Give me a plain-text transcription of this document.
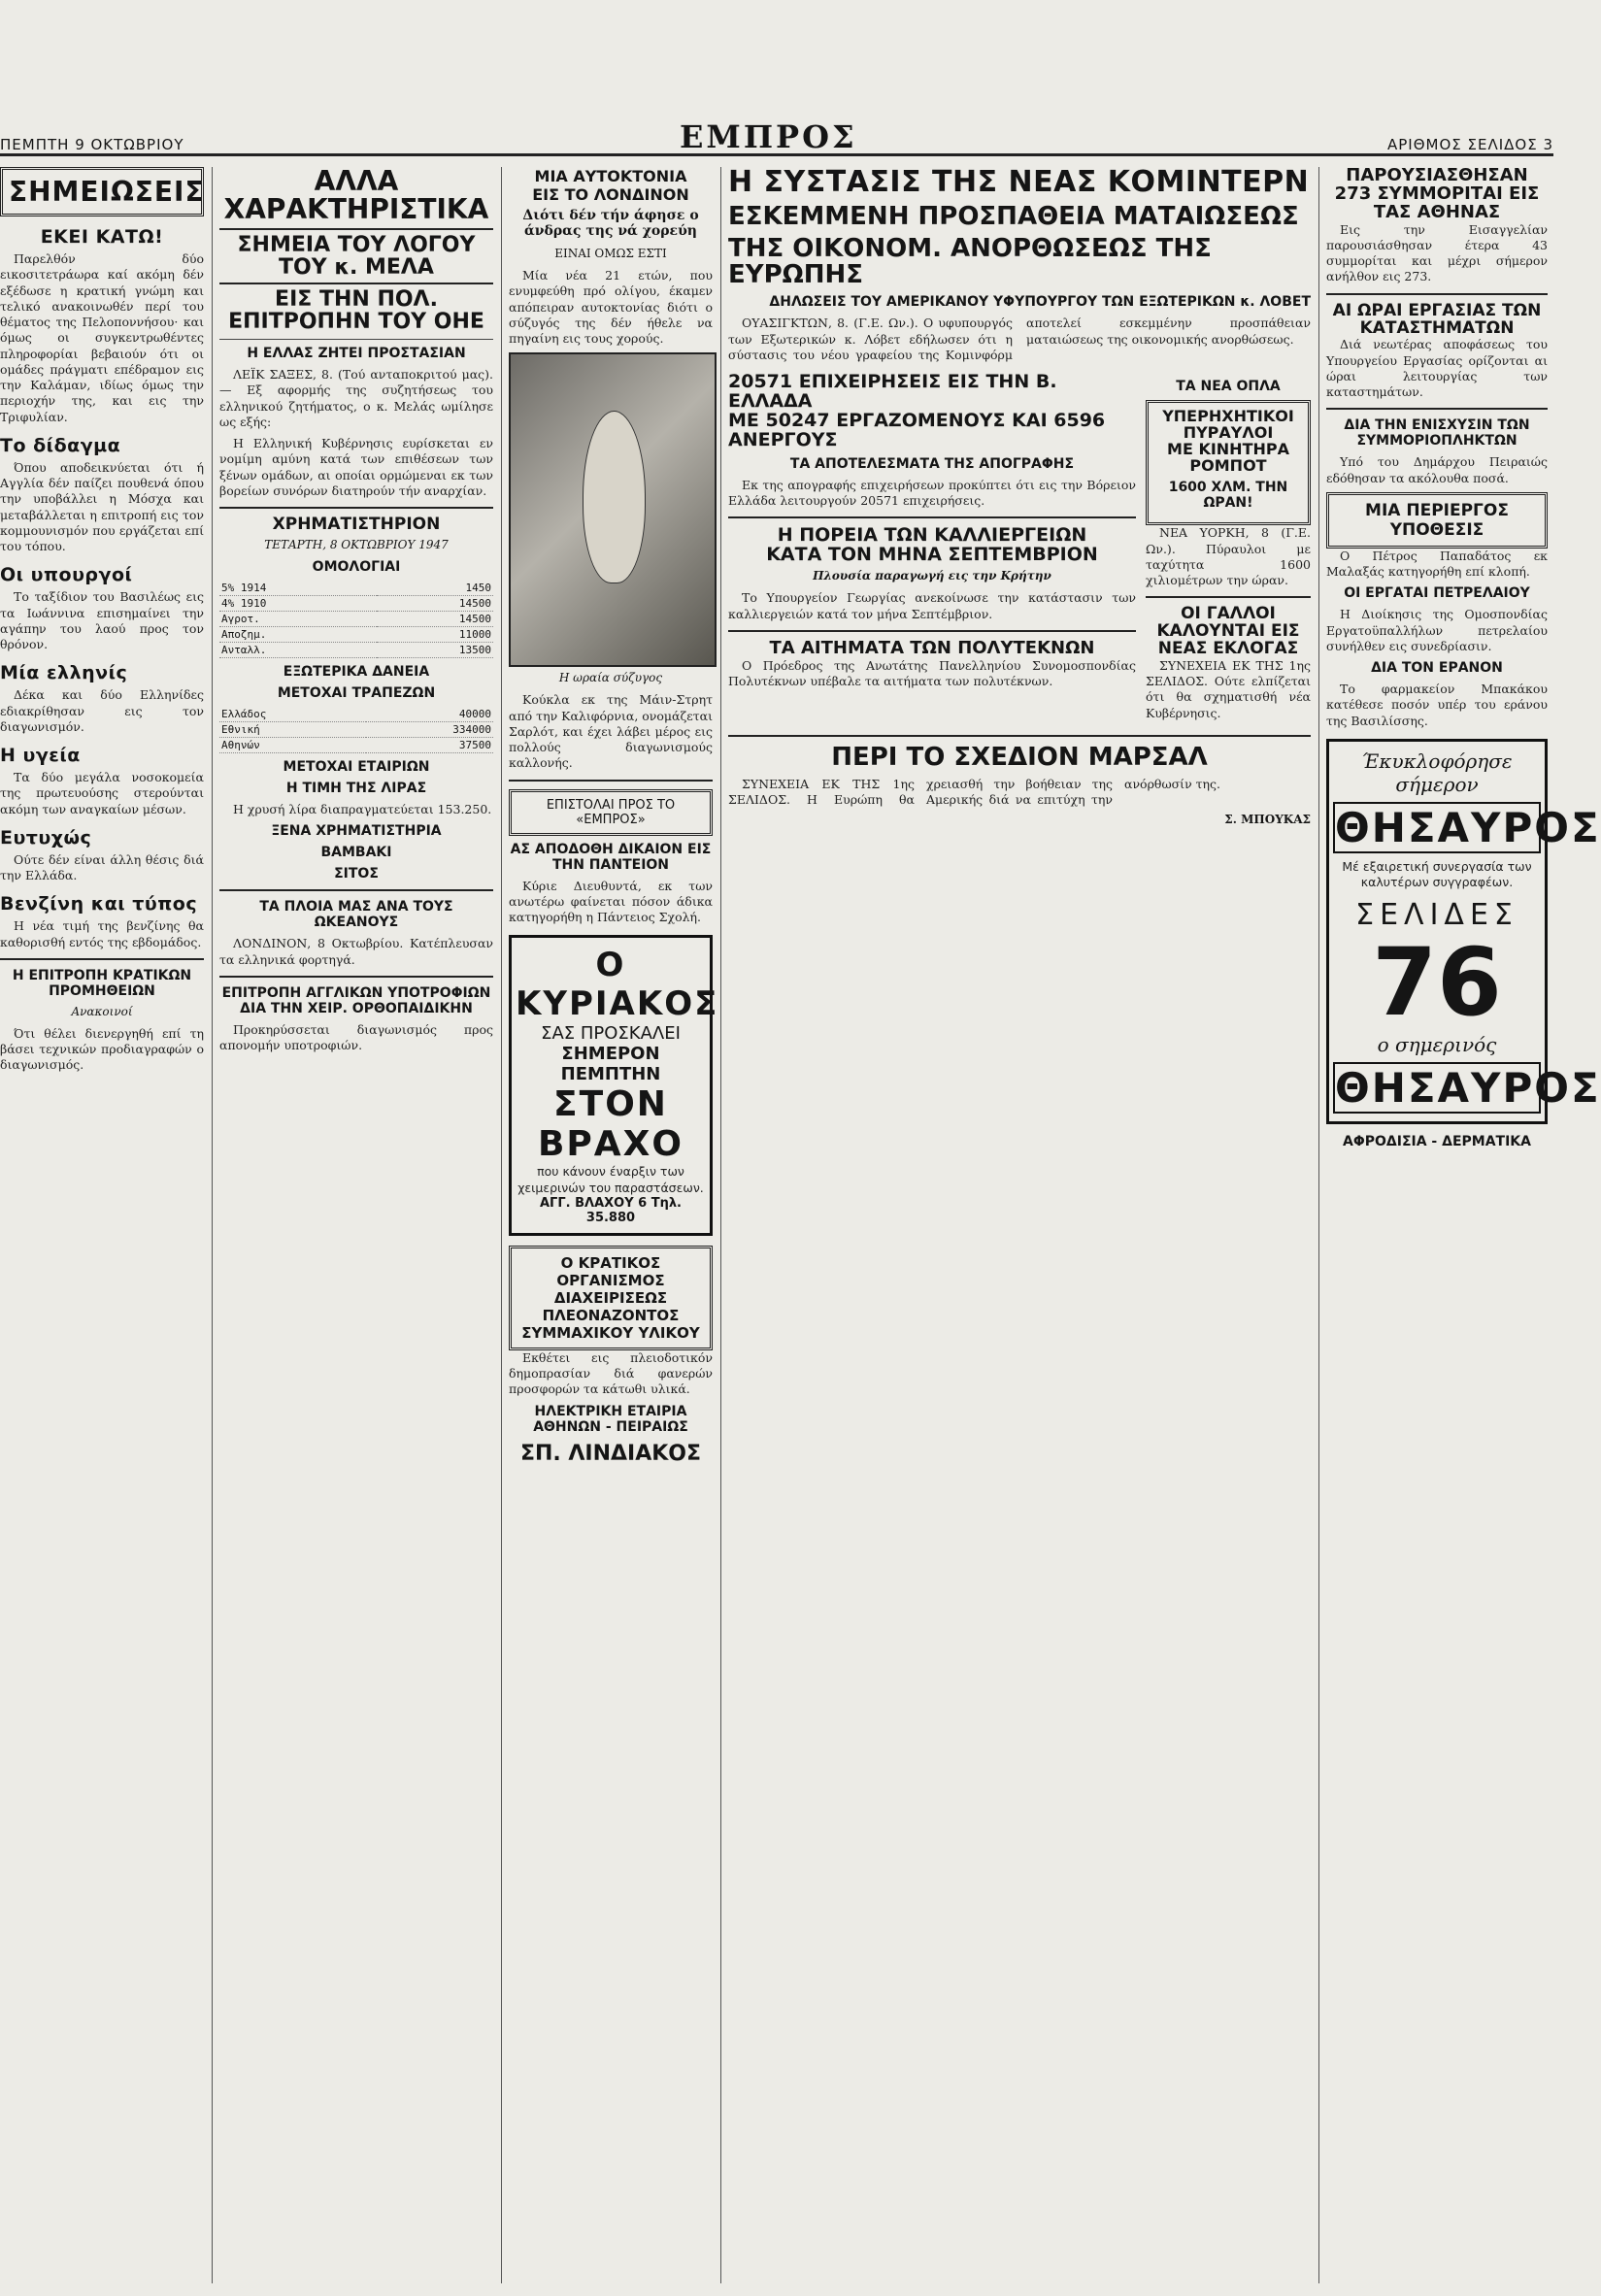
ΠΕΜΠΤΗ 9 ΟΚΤΩΒΡΙΟΥ	ΕΜΠΡΟΣ	ΑΡΙΘΜΟΣ ΣΕΛΙΔΟΣ 3
ΣΗΜΕΙΩΣΕΙΣ
ΕΚΕΙ ΚΑΤΩ!

Παρελθόν δύο εικοσιτετράωρα καί ακόμη δέν εξέδωσε η κρατική γνώμη και τελικό ανακοινωθέν περί του θέματος της Πελοποννήσου· και όμως οι συγκεντρωθέντες πληροφορίαι βεβαιούν ότι οι ομάδες πράγματι επέδραμον εις την Καλάμαν, ιδίως όμως την περιοχήν της, και εις την Τριφυλίαν.

Το δίδαγμα

Όπου αποδεικνύεται ότι ή Αγγλία δέν παίζει πουθενά όπου την υποβάλλει η Μόσχα και μεταβάλλεται η επιτροπή εις τον κομμουνισμόν που εργάζεται επί του τόπου.

Οι υπουργοί

Το ταξίδιον του Βασιλέως εις τα Ιωάννινα επισημαίνει την αγάπην του λαού προς τον θρόνον.

Μία ελληνίς

Δέκα και δύο Ελληνίδες εδιακρίθησαν εις τον διαγωνισμόν.

Η υγεία

Τα δύο μεγάλα νοσοκομεία της πρωτευούσης στερούνται ακόμη των αναγκαίων μέσων.

Ευτυχώς

Ούτε δέν είναι άλλη θέσις διά την Ελλάδα.

Βενζίνη και τύπος

Η νέα τιμή της βενζίνης θα καθορισθή εντός της εβδομάδος.

Η ΕΠΙΤΡΟΠΗ ΚΡΑΤΙΚΩΝ ΠΡΟΜΗΘΕΙΩΝ
Ανακοινοί

Ότι θέλει διενεργηθή επί τη βάσει τεχνικών προδιαγραφών ο διαγωνισμός.

ΑΛΛΑ ΧΑΡΑΚΤΗΡΙΣΤΙΚΑ
ΣΗΜΕΙΑ ΤΟΥ ΛΟΓΟΥ ΤΟΥ κ. ΜΕΛΑ
ΕΙΣ ΤΗΝ ΠΟΛ. ΕΠΙΤΡΟΠΗΝ ΤΟΥ ΟΗΕ
Η ΕΛΛΑΣ ΖΗΤΕΙ ΠΡΟΣΤΑΣΙΑΝ

ΛΕΪΚ ΣΑΞΕΣ, 8. (Τού ανταποκριτού μας). — Εξ αφορμής της συζητήσεως του ελληνικού ζητήματος, ο κ. Μελάς ωμίλησε ως εξής:

Η Ελληνική Κυβέρνησις ευρίσκεται εν νομίμη αμύνη κατά των επιθέσεων των ξένων ομάδων, αι οποίαι ορμώμεναι εκ των βορείων συνόρων διατηρούν τήν αναρχίαν.

ΧΡΗΜΑΤΙΣΤΗΡΙΟΝ
ΤΕΤΑΡΤΗ, 8 ΟΚΤΩΒΡΙΟΥ 1947
ΟΜΟΛΟΓΙΑΙ
5% 1914	1450
4% 1910	14500
Αγροτ.	14500
Αποζημ.	11000
Ανταλλ.	13500
ΕΞΩΤΕΡΙΚΑ ΔΑΝΕΙΑ
ΜΕΤΟΧΑΙ ΤΡΑΠΕΖΩΝ
Ελλάδος	40000
Εθνική	334000
Αθηνών	37500
ΜΕΤΟΧΑΙ ΕΤΑΙΡΙΩΝ
Η ΤΙΜΗ ΤΗΣ ΛΙΡΑΣ

Η χρυσή λίρα διαπραγματεύεται 153.250.

ΞΕΝΑ ΧΡΗΜΑΤΙΣΤΗΡΙΑ
ΒΑΜΒΑΚΙ
ΣΙΤΟΣ
ΤΑ ΠΛΟΙΑ ΜΑΣ ΑΝΑ ΤΟΥΣ ΩΚΕΑΝΟΥΣ

ΛΟΝΔΙΝΟΝ, 8 Οκτωβρίου. Κατέπλευσαν τα ελληνικά φορτηγά.

ΕΠΙΤΡΟΠΗ ΑΓΓΛΙΚΩΝ ΥΠΟΤΡΟΦΙΩΝ ΔΙΑ ΤΗΝ ΧΕΙΡ. ΟΡΘΟΠΑΙΔΙΚΗΝ

Προκηρύσσεται διαγωνισμός προς απονομήν υποτροφιών.

ΜΙΑ ΑΥΤΟΚΤΟΝΙΑ
ΕΙΣ ΤΟ ΛΟΝΔΙΝΟΝ
Διότι δέν τήν άφησε ο άνδρας της νά χορεύη
ΕΙΝΑΙ ΟΜΩΣ ΕΣΤΙ

Μία νέα 21 ετών, που ενυμφεύθη πρό ολίγου, έκαμεν απόπειραν αυτοκτονίας διότι ο σύζυγός της δέν ήθελε να πηγαίνη εις τους χορούς.

Η ωραία σύζυγος

Κούκλα εκ της Μάιν-Στρητ από την Καλιφόρνια, ονομάζεται Σαρλότ, και έχει λάβει μέρος εις πολλούς διαγωνισμούς καλλονής.

ΕΠΙΣΤΟΛΑΙ ΠΡΟΣ ΤΟ «ΕΜΠΡΟΣ»
ΑΣ ΑΠΟΔΟΘΗ ΔΙΚΑΙΟΝ ΕΙΣ ΤΗΝ ΠΑΝΤΕΙΟΝ

Κύριε Διευθυντά, εκ των ανωτέρω φαίνεται πόσον άδικα κατηγορήθη η Πάντειος Σχολή.

Ο ΚΥΡΙΑΚΟΣ
ΣΑΣ ΠΡΟΣΚΑΛΕΙ
ΣΗΜΕΡΟΝ ΠΕΜΠΤΗΝ
ΣΤΟΝ ΒΡΑΧΟ
που κάνουν έναρξιν των χειμερινών του παραστάσεων.
ΑΓΓ. ΒΛΑΧΟΥ 6 Τηλ. 35.880
Ο ΚΡΑΤΙΚΟΣ ΟΡΓΑΝΙΣΜΟΣ ΔΙΑΧΕΙΡΙΣΕΩΣ ΠΛΕΟΝΑΖΟΝΤΟΣ ΣΥΜΜΑΧΙΚΟΥ ΥΛΙΚΟΥ

Εκθέτει εις πλειοδοτικόν δημοπρασίαν διά φανερών προσφορών τα κάτωθι υλικά.

ΗΛΕΚΤΡΙΚΗ ΕΤΑΙΡΙΑ ΑΘΗΝΩΝ - ΠΕΙΡΑΙΩΣ
ΣΠ. ΛΙΝΔΙΑΚΟΣ
Η ΣΥΣΤΑΣΙΣ ΤΗΣ ΝΕΑΣ ΚΟΜΙΝΤΕΡΝ
ΕΣΚΕΜΜΕΝΗ ΠΡΟΣΠΑΘΕΙΑ ΜΑΤΑΙΩΣΕΩΣ
ΤΗΣ ΟΙΚΟΝΟΜ. ΑΝΟΡΘΩΣΕΩΣ ΤΗΣ ΕΥΡΩΠΗΣ
ΔΗΛΩΣΕΙΣ ΤΟΥ ΑΜΕΡΙΚΑΝΟΥ ΥΦΥΠΟΥΡΓΟΥ ΤΩΝ ΕΞΩΤΕΡΙΚΩΝ κ. ΛΟΒΕΤ

ΟΥΑΣΙΓΚΤΩΝ, 8. (Γ.Ε. Ων.). Ο υφυπουργός των Εξωτερικών κ. Λόβετ εδήλωσεν ότι η σύστασις του νέου γραφείου της Κομινφόρμ αποτελεί εσκεμμένην προσπάθειαν ματαιώσεως της οικονομικής ανορθώσεως.

20571 ΕΠΙΧΕΙΡΗΣΕΙΣ ΕΙΣ ΤΗΝ Β. ΕΛΛΑΔΑ
ΜΕ 50247 ΕΡΓΑΖΟΜΕΝΟΥΣ ΚΑΙ 6596 ΑΝΕΡΓΟΥΣ
ΤΑ ΑΠΟΤΕΛΕΣΜΑΤΑ ΤΗΣ ΑΠΟΓΡΑΦΗΣ

Εκ της απογραφής επιχειρήσεων προκύπτει ότι εις την Βόρειον Ελλάδα λειτουργούν 20571 επιχειρήσεις.

Η ΠΟΡΕΙΑ ΤΩΝ ΚΑΛΛΙΕΡΓΕΙΩΝ
ΚΑΤΑ ΤΟΝ ΜΗΝΑ ΣΕΠΤΕΜΒΡΙΟΝ
Πλουσία παραγωγή εις την Κρήτην

Το Υπουργείον Γεωργίας ανεκοίνωσε την κατάστασιν των καλλιεργειών κατά τον μήνα Σεπτέμβριον.

ΤΑ ΑΙΤΗΜΑΤΑ ΤΩΝ ΠΟΛΥΤΕΚΝΩΝ

Ο Πρόεδρος της Ανωτάτης Πανελληνίου Συνομοσπονδίας Πολυτέκνων υπέβαλε τα αιτήματα των πολυτέκνων.

ΤΑ ΝΕΑ ΟΠΛΑ
ΥΠΕΡΗΧΗΤΙΚΟΙ ΠΥΡΑΥΛΟΙ
ΜΕ ΚΙΝΗΤΗΡΑ ΡΟΜΠΟΤ
1600 ΧΛΜ. ΤΗΝ ΩΡΑΝ!

ΝΕΑ ΥΟΡΚΗ, 8 (Γ.Ε. Ων.). Πύραυλοι με ταχύτητα 1600 χιλιομέτρων την ώραν.

ΟΙ ΓΑΛΛΟΙ ΚΑΛΟΥΝΤΑΙ ΕΙΣ ΝΕΑΣ ΕΚΛΟΓΑΣ

ΣΥΝΕΧΕΙΑ ΕΚ ΤΗΣ 1ης ΣΕΛΙΔΟΣ. Ούτε ελπίζεται ότι θα σχηματισθή νέα Κυβέρνησις.

ΠΕΡΙ ΤΟ ΣΧΕΔΙΟΝ ΜΑΡΣΑΛ

ΣΥΝΕΧΕΙΑ ΕΚ ΤΗΣ 1ης ΣΕΛΙΔΟΣ. Η Ευρώπη θα χρειασθή την βοήθειαν της Αμερικής διά να επιτύχη την ανόρθωσίν της.

Σ. ΜΠΟΥΚΑΣ
ΠΑΡΟΥΣΙΑΣΘΗΣΑΝ 273 ΣΥΜΜΟΡΙΤΑΙ ΕΙΣ ΤΑΣ ΑΘΗΝΑΣ

Εις την Εισαγγελίαν παρουσιάσθησαν έτερα 43 συμμορίται και μέχρι σήμερον ανήλθον εις 273.

ΑΙ ΩΡΑΙ ΕΡΓΑΣΙΑΣ ΤΩΝ ΚΑΤΑΣΤΗΜΑΤΩΝ

Διά νεωτέρας αποφάσεως του Υπουργείου Εργασίας ορίζονται αι ώραι λειτουργίας των καταστημάτων.

ΔΙΑ ΤΗΝ ΕΝΙΣΧΥΣΙΝ ΤΩΝ ΣΥΜΜΟΡΙΟΠΛΗΚΤΩΝ

Υπό του Δημάρχου Πειραιώς εδόθησαν τα ακόλουθα ποσά.

ΜΙΑ ΠΕΡΙΕΡΓΟΣ ΥΠΟΘΕΣΙΣ

Ο Πέτρος Παπαδάτος εκ Μαλαξάς κατηγορήθη επί κλοπή.

ΟΙ ΕΡΓΑΤΑΙ ΠΕΤΡΕΛΑΙΟΥ

Η Διοίκησις της Ομοσπονδίας Εργατοϋπαλλήλων πετρελαίου συνήλθεν εις συνεδρίασιν.

ΔΙΑ ΤΟΝ ΕΡΑΝΟΝ

Το φαρμακείον Μπακάκου κατέθεσε ποσόν υπέρ του εράνου της Βασιλίσσης.

Έκυκλοφόρησε σήμερον
ΘΗΣΑΥΡΟΣ
Μέ εξαιρετική συνεργασία των καλυτέρων συγγραφέων.
ΣΕΛΙΔΕΣ
76
ο σημερινός
ΘΗΣΑΥΡΟΣ
ΑΦΡΟΔΙΣΙΑ - ΔΕΡΜΑΤΙΚΑ
